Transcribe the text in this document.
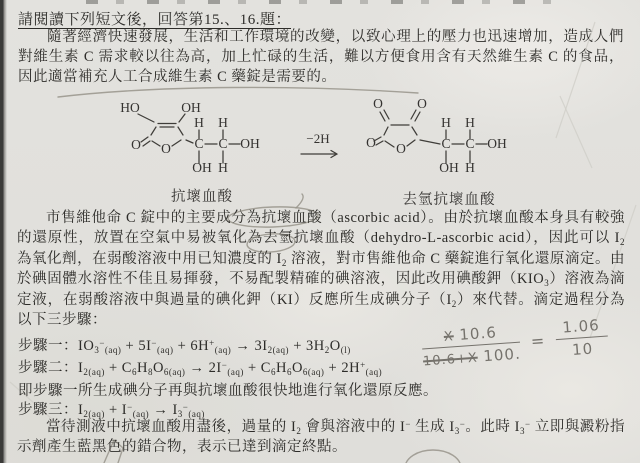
請閱讀下列短文後，回答第15.、16.題：
隨著經濟快速發展，生活和工作環境的改變，以致心理上的壓力也迅速增加，造成人們對維生素 C 需求較以往為高，加上忙碌的生活，難以方便食用含有天然維生素 C 的食品，因此適當補充人工合成維生素 C 藥錠是需要的。
HO	OH
O O C C
H H
OH
OH H
抗壞血酸
−2H
O	O
O O	C C
H H
OH
OH H
去氫抗壞血酸
市售維他命 C 錠中的主要成分為抗壞血酸（ascorbic acid）。由於抗壞血酸本身具有較強的還原性，放置在空氣中易被氧化為去氫抗壞血酸（dehydro-L-ascorbic acid），因此可以 $I_2$ 為氧化劑，在弱酸溶液中用已知濃度的 $I_2$ 溶液，對市售維他命 C 藥錠進行氧化還原滴定。由於碘固體水溶性不佳且易揮發，不易配製精確的碘溶液，因此改用碘酸鉀$(KIO_3)$溶液為滴定液，在弱酸溶液中與過量的碘化鉀（KI）反應所生成碘分子$(I_2)$來代替。滴定過程分為以下三步驟：
步驟一：$IO_3^-_{(aq)} + 5I^-_{(aq)} + 6H^+_{(aq)} \to 3I_{2(aq)} + 3H_2O_{(l)}$
步驟二：$I_{2(aq)} + C_6H_8O_{6(aq)} \to 2I^-_{(aq)} + C_6H_6O_{6(aq)} + 2H^+_{(aq)}$
即步驟一所生成碘分子再與抗壞血酸很快地進行氧化還原反應。
步驟三：$I_{2(aq)} + I^-_{(aq)} \to I_3^-_{(aq)}$
當待測液中抗壞血酸用盡後，過量的 $I_2$ 會與溶液中的 I− 生成 $I_3^-$。此時 $I_3^-$ 立即與澱粉指示劑產生藍黑色的錯合物，表示已達到滴定終點。
X 10.6
10.6+X 100.
= $\frac{1.06}{10}$
